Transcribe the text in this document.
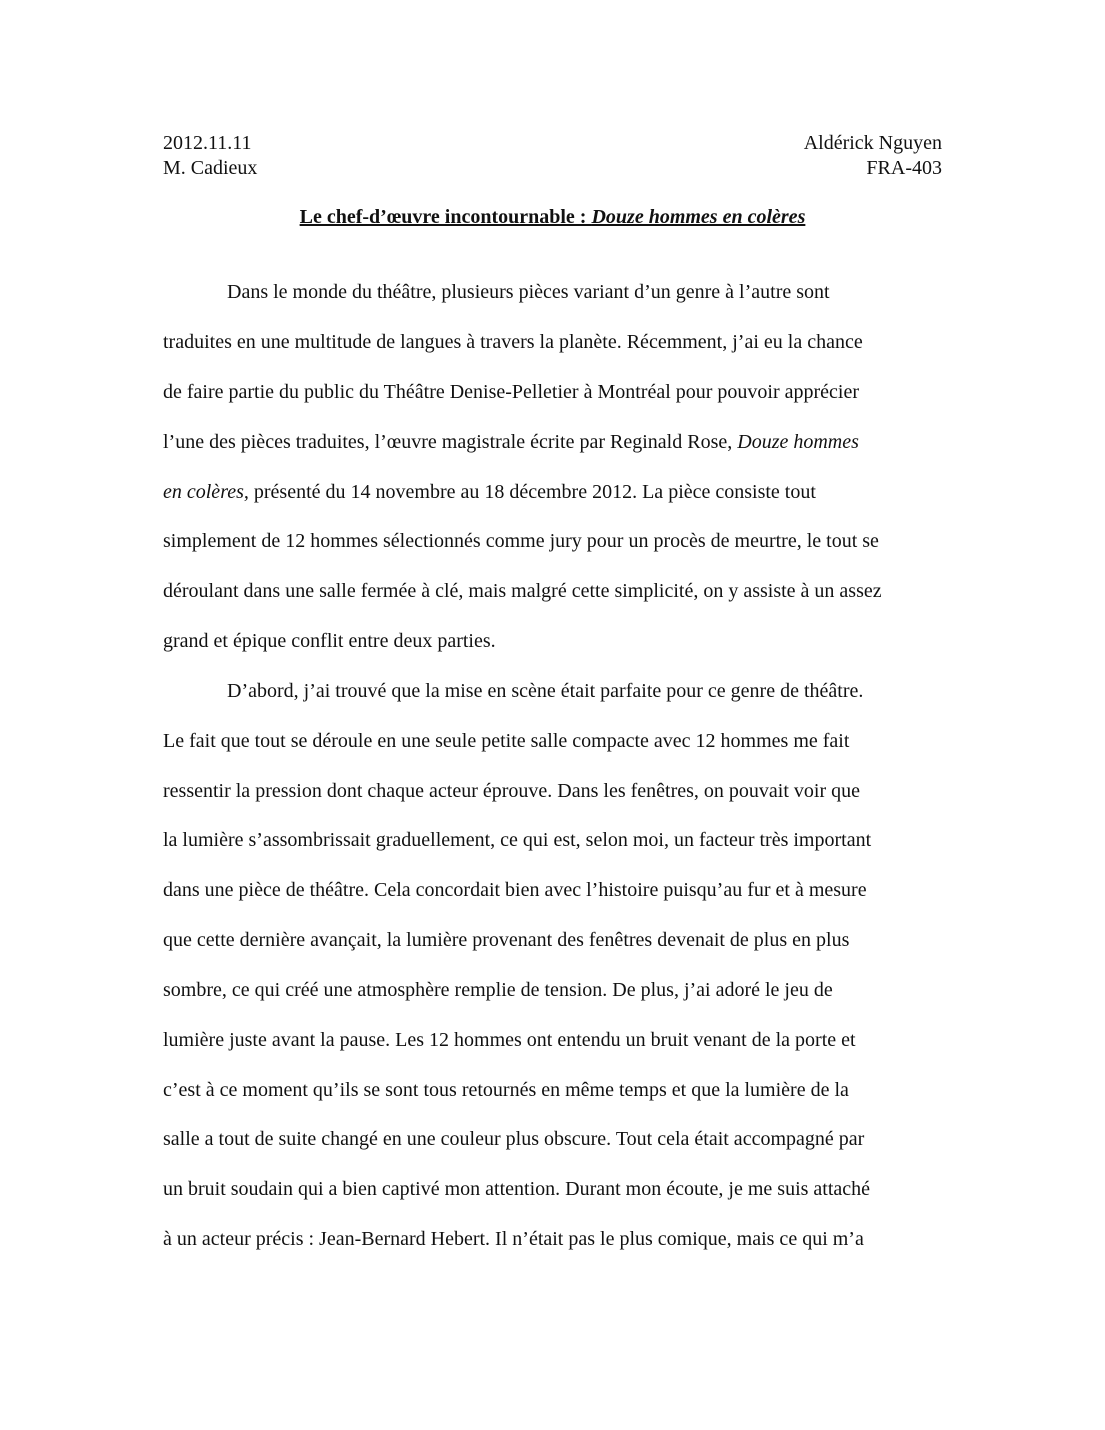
2012.11.11	Aldérick Nguyen
M. Cadieux	FRA-403
Le chef-d’œuvre incontournable : Douze hommes en colères
Dans le monde du théâtre, plusieurs pièces variant d’un genre à l’autre sont
traduites en une multitude de langues à travers la planète. Récemment, j’ai eu la chance
de faire partie du public du Théâtre Denise-Pelletier à Montréal pour pouvoir apprécier
l’une des pièces traduites, l’œuvre magistrale écrite par Reginald Rose, Douze hommes
en colères, présenté du 14 novembre au 18 décembre 2012. La pièce consiste tout
simplement de 12 hommes sélectionnés comme jury pour un procès de meurtre, le tout se
déroulant dans une salle fermée à clé, mais malgré cette simplicité, on y assiste à un assez
grand et épique conflit entre deux parties.
D’abord, j’ai trouvé que la mise en scène était parfaite pour ce genre de théâtre.
Le fait que tout se déroule en une seule petite salle compacte avec 12 hommes me fait
ressentir la pression dont chaque acteur éprouve. Dans les fenêtres, on pouvait voir que
la lumière s’assombrissait graduellement, ce qui est, selon moi, un facteur très important
dans une pièce de théâtre. Cela concordait bien avec l’histoire puisqu’au fur et à mesure
que cette dernière avançait, la lumière provenant des fenêtres devenait de plus en plus
sombre, ce qui créé une atmosphère remplie de tension. De plus, j’ai adoré le jeu de
lumière juste avant la pause. Les 12 hommes ont entendu un bruit venant de la porte et
c’est à ce moment qu’ils se sont tous retournés en même temps et que la lumière de la
salle a tout de suite changé en une couleur plus obscure. Tout cela était accompagné par
un bruit soudain qui a bien captivé mon attention. Durant mon écoute, je me suis attaché
à un acteur précis : Jean-Bernard Hebert. Il n’était pas le plus comique, mais ce qui m’a
